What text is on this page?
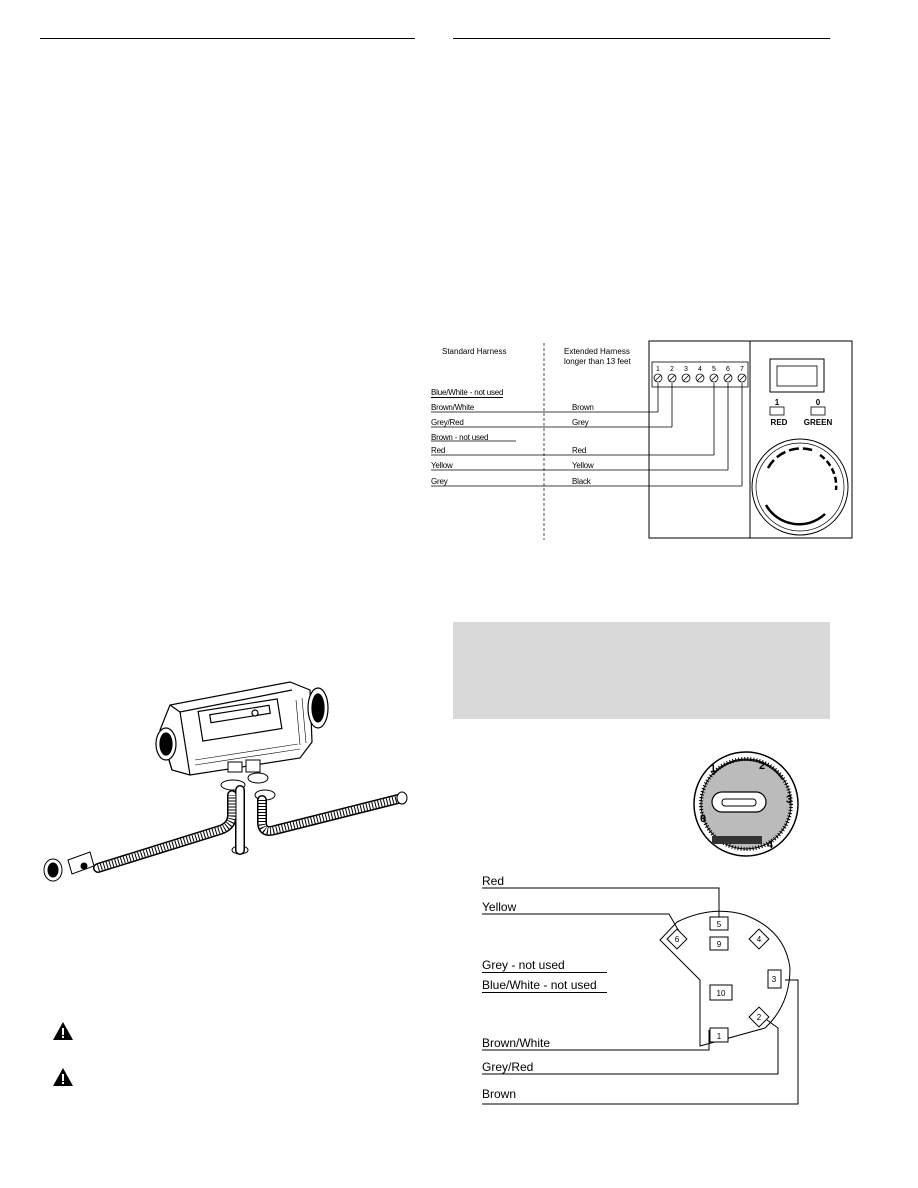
Standard Harness	Extended Harness
longer than 13 feet
Blue/White - not used
Brown/White
Grey/Red
Brown - not used
Red
Yellow
Grey
Brown
Grey
Red
Yellow
Black
1 2 3 4 5 6 7
1
RED
0
GREEN
0
1	2
3
4
Red
Yellow
Grey - not used
Blue/White - not used
Brown/White
Grey/Red
Brown
5
9
4
6
3
10
1
2
